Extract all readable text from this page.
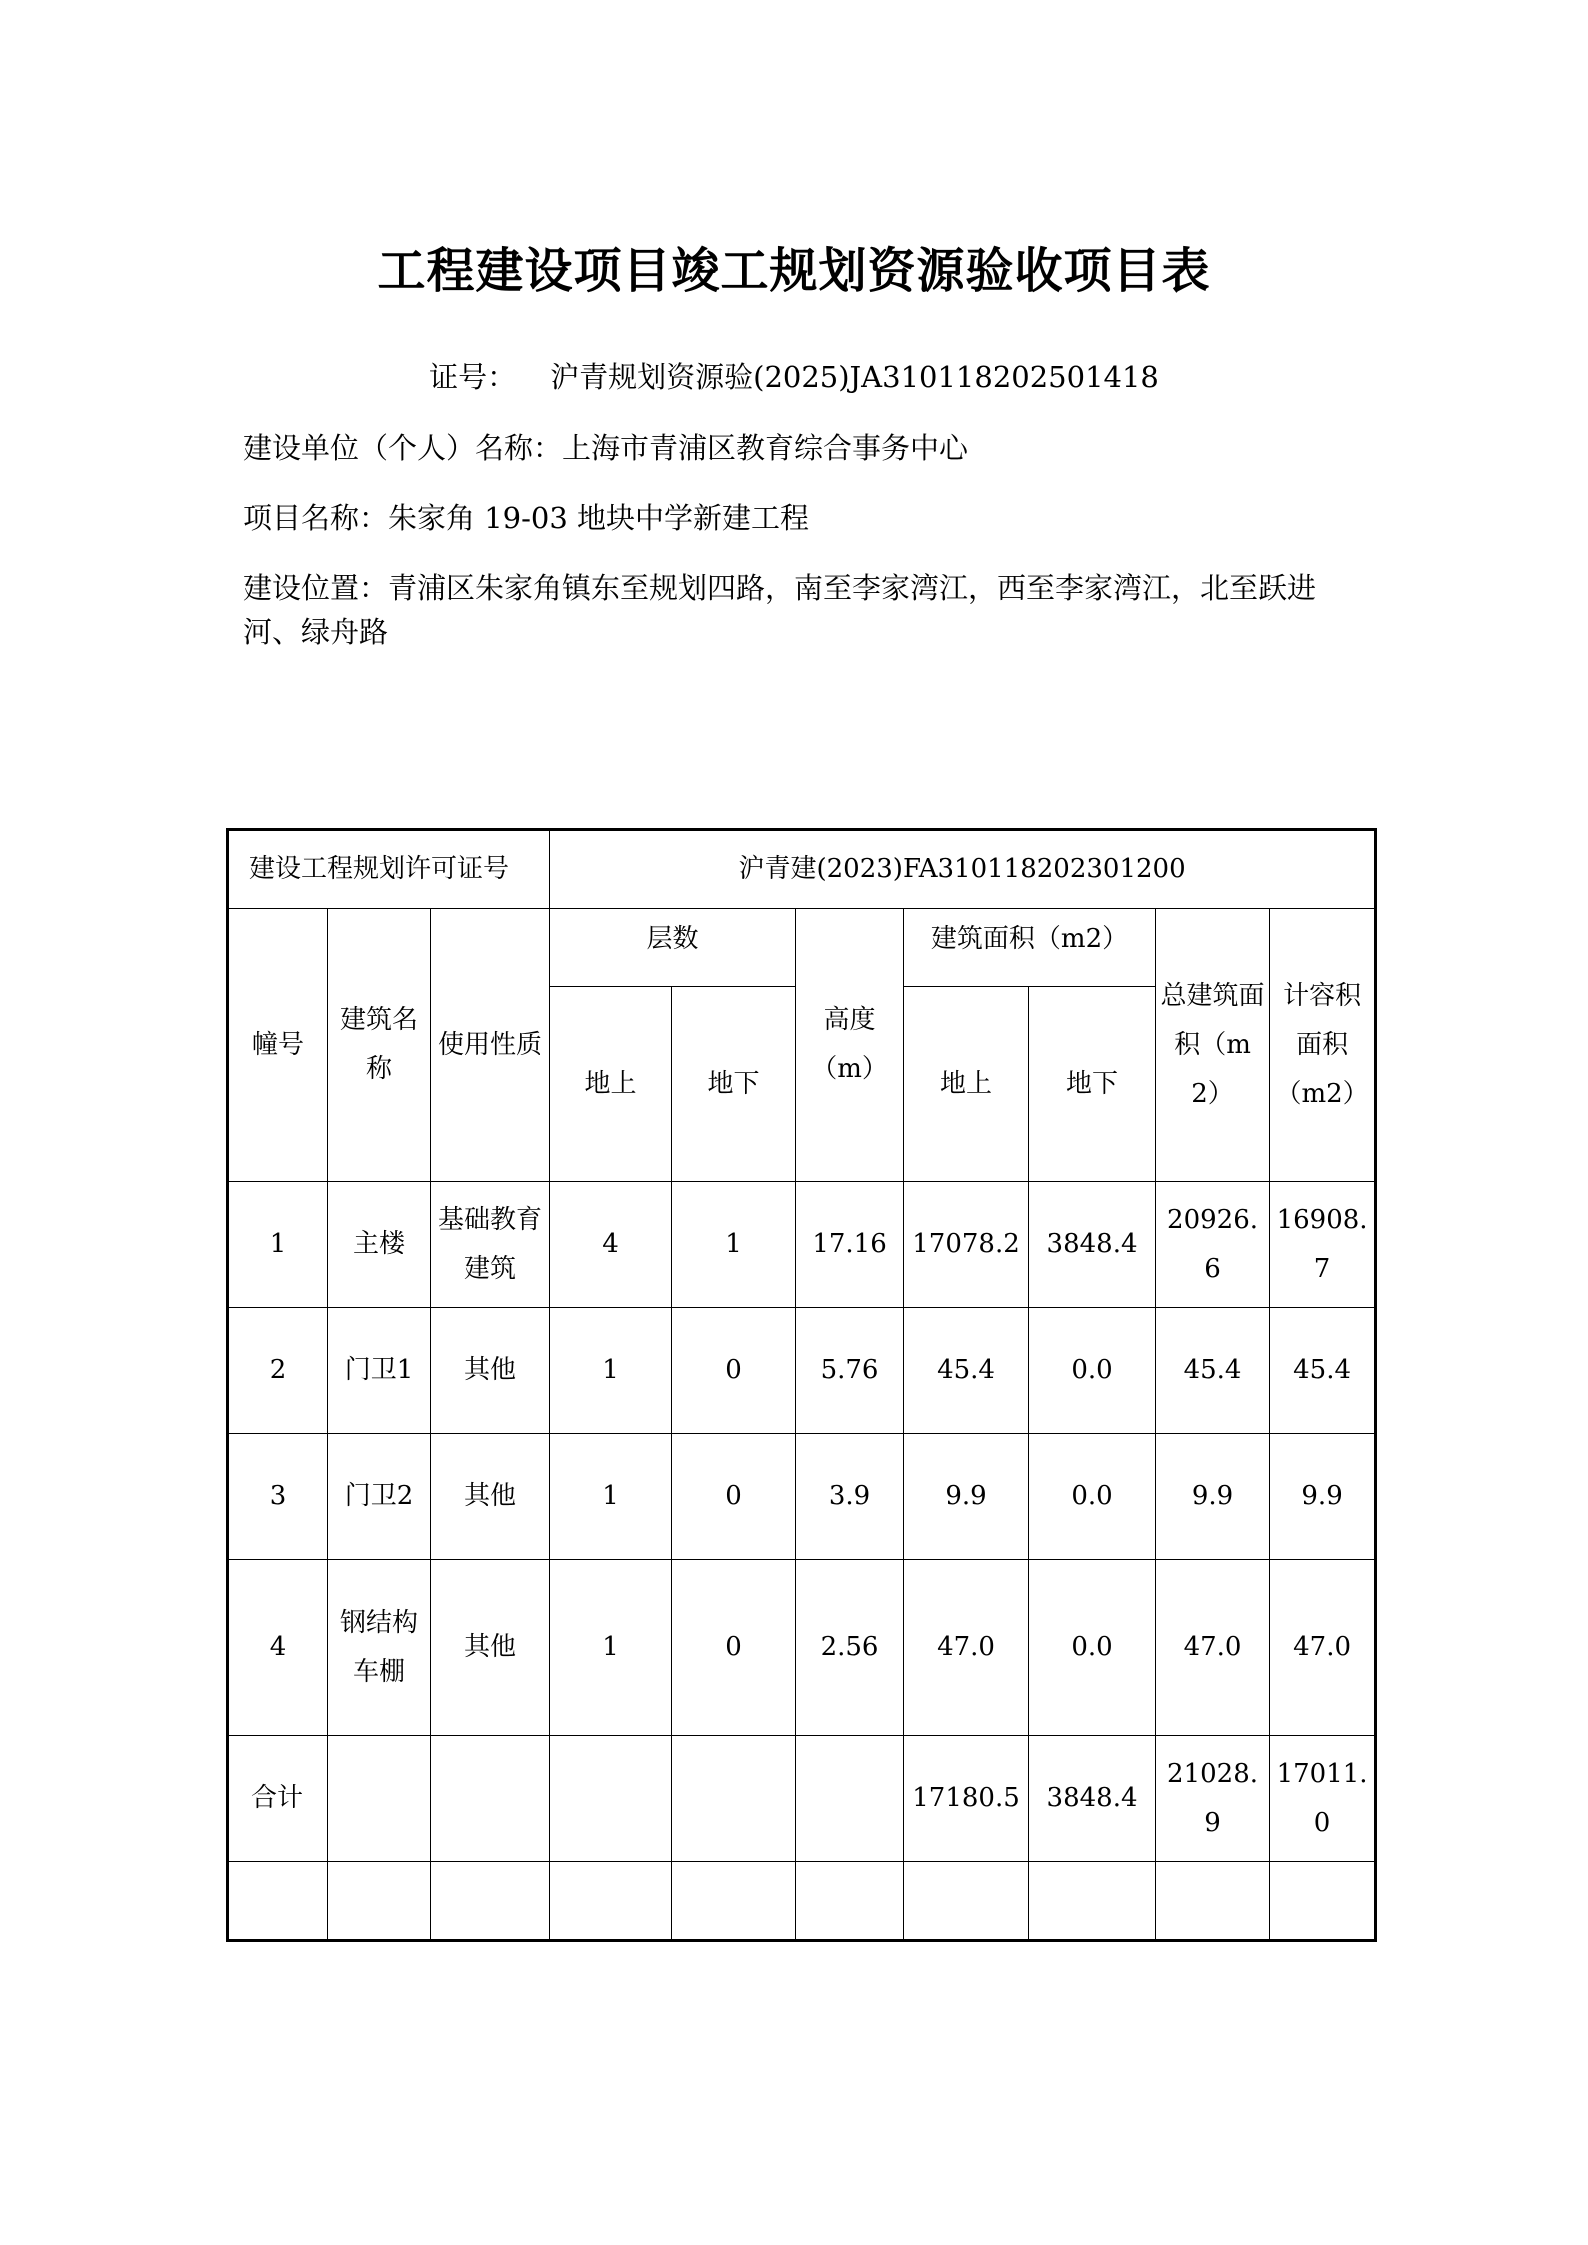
工程建设项目竣工规划资源验收项目表
证号： 沪青规划资源验(2025)JA310118202501418
建设单位（个人）名称：上海市青浦区教育综合事务中心
项目名称：朱家角 19-03 地块中学新建工程
建设位置：青浦区朱家角镇东至规划四路，南至李家湾江，西至李家湾江，北至跃进河、绿舟路
建设工程规划许可证号			沪青建(2023)FA310118202301200						
幢号	建筑名称	使用性质	层数		高度（m）	建筑面积（m2）		总建筑面积（m2）	计容积面积（m2）
			地上	地下		地上	地下		
1	主楼	基础教育建筑	4	1	17.16	17078.2	3848.4	20926.6	16908.7
2	门卫1	其他	1	0	5.76	45.4	0.0	45.4	45.4
3	门卫2	其他	1	0	3.9	9.9	0.0	9.9	9.9
4	钢结构车棚	其他	1	0	2.56	47.0	0.0	47.0	47.0
合计						17180.5	3848.4	21028.9	17011.0
